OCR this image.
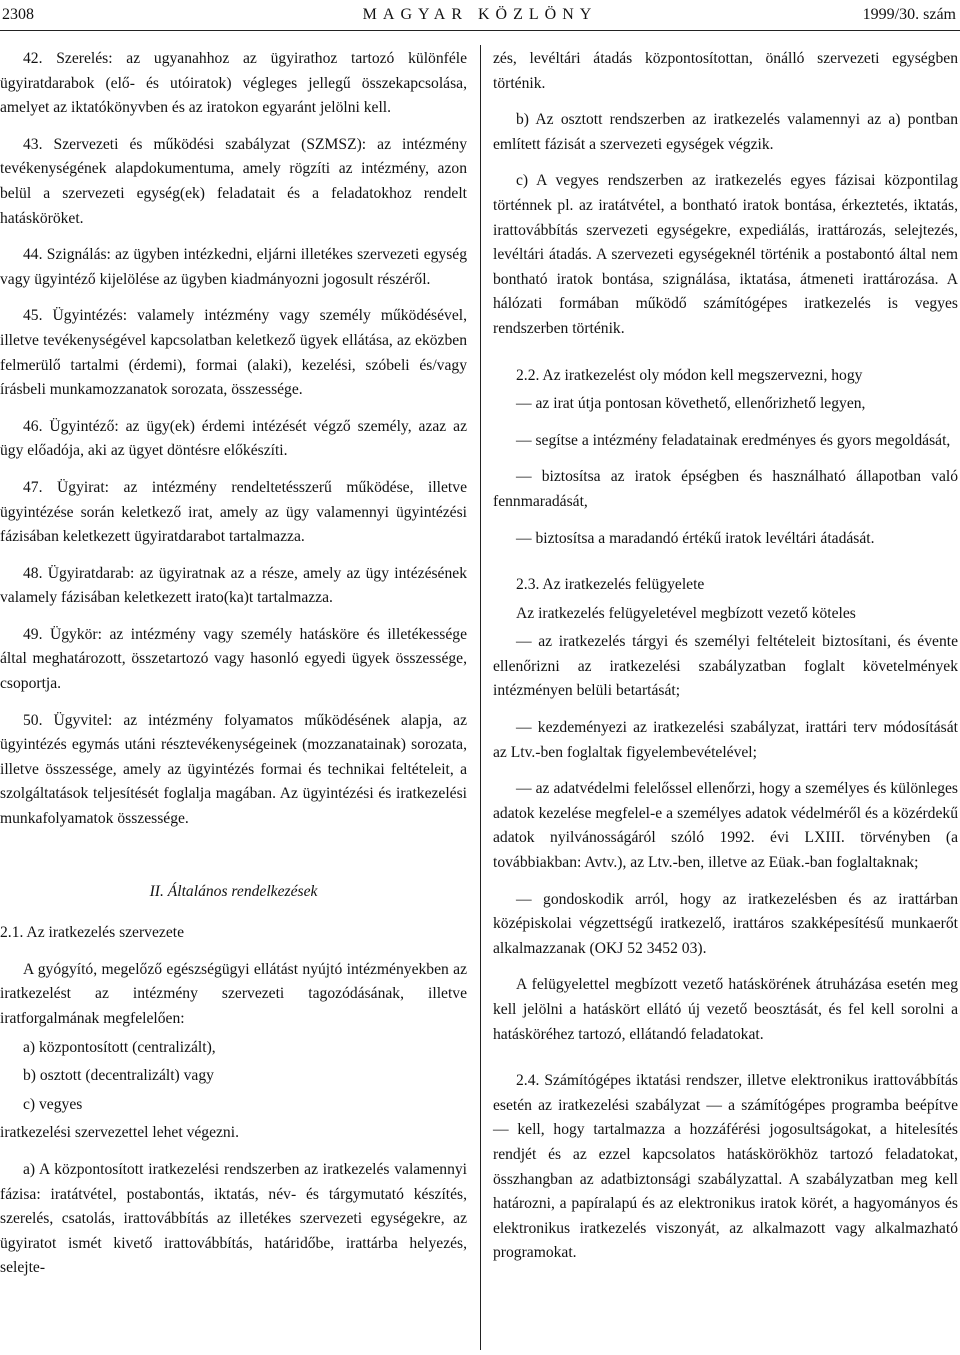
2308	MAGYAR KÖZLÖNY	1999/30. szám

42. Szerelés: az ugyanahhoz az ügyirathoz tartozó különféle ügyiratdarabok (elő- és utóiratok) végleges jellegű összekapcsolása, amelyet az iktatókönyvben és az iratokon egyaránt jelölni kell.

43. Szervezeti és működési szabályzat (SZMSZ): az intézmény tevékenységének alapdokumentuma, amely rögzíti az intézmény, azon belül a szervezeti egység(ek) feladatait és a feladatokhoz rendelt hatásköröket.

44. Szignálás: az ügyben intézkedni, eljárni illetékes szervezeti egység vagy ügyintéző kijelölése az ügyben kiadmányozni jogosult részéről.

45. Ügyintézés: valamely intézmény vagy személy működésével, illetve tevékenységével kapcsolatban keletkező ügyek ellátása, az eközben felmerülő tartalmi (érdemi), formai (alaki), kezelési, szóbeli és/vagy írásbeli munkamozzanatok sorozata, összessége.

46. Ügyintéző: az ügy(ek) érdemi intézését végző személy, azaz az ügy előadója, aki az ügyet döntésre előkészíti.

47. Ügyirat: az intézmény rendeltetésszerű működése, illetve ügyintézése során keletkező irat, amely az ügy valamennyi ügyintézési fázisában keletkezett ügyiratdarabot tartalmazza.

48. Ügyiratdarab: az ügyiratnak az a része, amely az ügy intézésének valamely fázisában keletkezett irato(ka)t tartalmazza.

49. Ügykör: az intézmény vagy személy hatásköre és illetékessége által meghatározott, összetartozó vagy hasonló egyedi ügyek összessége, csoportja.

50. Ügyvitel: az intézmény folyamatos működésének alapja, az ügyintézés egymás utáni résztevékenységeinek (mozzanatainak) sorozata, illetve összessége, amely az ügyintézés formai és technikai feltételeit, a szolgáltatások teljesítését foglalja magában. Az ügyintézési és iratkezelési munkafolyamatok összessége.

II. Általános rendelkezések

2.1. Az iratkezelés szervezete

A gyógyító, megelőző egészségügyi ellátást nyújtó intézményekben az iratkezelést az intézmény szervezeti tagozódásának, illetve iratforgalmának megfelelően:

a) központosított (centralizált),

b) osztott (decentralizált) vagy

c) vegyes

iratkezelési szervezettel lehet végezni.

a) A központosított iratkezelési rendszerben az iratkezelés valamennyi fázisa: iratátvétel, postabontás, iktatás, név- és tárgymutató készítés, szerelés, csatolás, irattovábbítás az illetékes szervezeti egységekre, az ügyiratot ismét kivető irattovábbítás, határidőbe, irattárba helyezés, selejte-

zés, levéltári átadás központosítottan, önálló szervezeti egységben történik.

b) Az osztott rendszerben az iratkezelés valamennyi az a) pontban említett fázisát a szervezeti egységek végzik.

c) A vegyes rendszerben az iratkezelés egyes fázisai központilag történnek pl. az iratátvétel, a bontható iratok bontása, érkeztetés, iktatás, irattovábbítás szervezeti egységekre, expediálás, irattározás, selejtezés, levéltári átadás. A szervezeti egységeknél történik a postabontó által nem bontható iratok bontása, szignálása, iktatása, átmeneti irattározása. A hálózati formában működő számítógépes iratkezelés is vegyes rendszerben történik.

2.2. Az iratkezelést oly módon kell megszervezni, hogy

— az irat útja pontosan követhető, ellenőrizhető legyen,

— segítse a intézmény feladatainak eredményes és gyors megoldását,

— biztosítsa az iratok épségben és használható állapotban való fennmaradását,

— biztosítsa a maradandó értékű iratok levéltári átadását.

2.3. Az iratkezelés felügyelete

Az iratkezelés felügyeletével megbízott vezető köteles

— az iratkezelés tárgyi és személyi feltételeit biztosítani, és évente ellenőrizni az iratkezelési szabályzatban foglalt követelmények intézményen belüli betartását;

— kezdeményezi az iratkezelési szabályzat, irattári terv módosítását az Ltv.-ben foglaltak figyelembevételével;

— az adatvédelmi felelőssel ellenőrzi, hogy a személyes és különleges adatok kezelése megfelel-e a személyes adatok védelméről és a közérdekű adatok nyilvánosságáról szóló 1992. évi LXIII. törvényben (a továbbiakban: Avtv.), az Ltv.-ben, illetve az Eüak.-ban foglaltaknak;

— gondoskodik arról, hogy az iratkezelésben és az irattárban középiskolai végzettségű iratkezelő, irattáros szakképesítésű munkaerőt alkalmazzanak (OKJ 52 3452 03).

A felügyelettel megbízott vezető hatáskörének átruházása esetén meg kell jelölni a hatáskört ellátó új vezető beosztását, és fel kell sorolni a hatásköréhez tartozó, ellátandó feladatokat.

2.4. Számítógépes iktatási rendszer, illetve elektronikus irattovábbítás esetén az iratkezelési szabályzat — a számítógépes programba beépítve — kell, hogy tartalmazza a hozzáférési jogosultságokat, a hitelesítés rendjét és az ezzel kapcsolatos hatáskörökhöz tartozó feladatokat, összhangban az adatbiztonsági szabályzattal. A szabályzatban meg kell határozni, a papíralapú és az elektronikus iratok körét, a hagyományos és elektronikus iratkezelés viszonyát, az alkalmazott vagy alkalmazható programokat.
